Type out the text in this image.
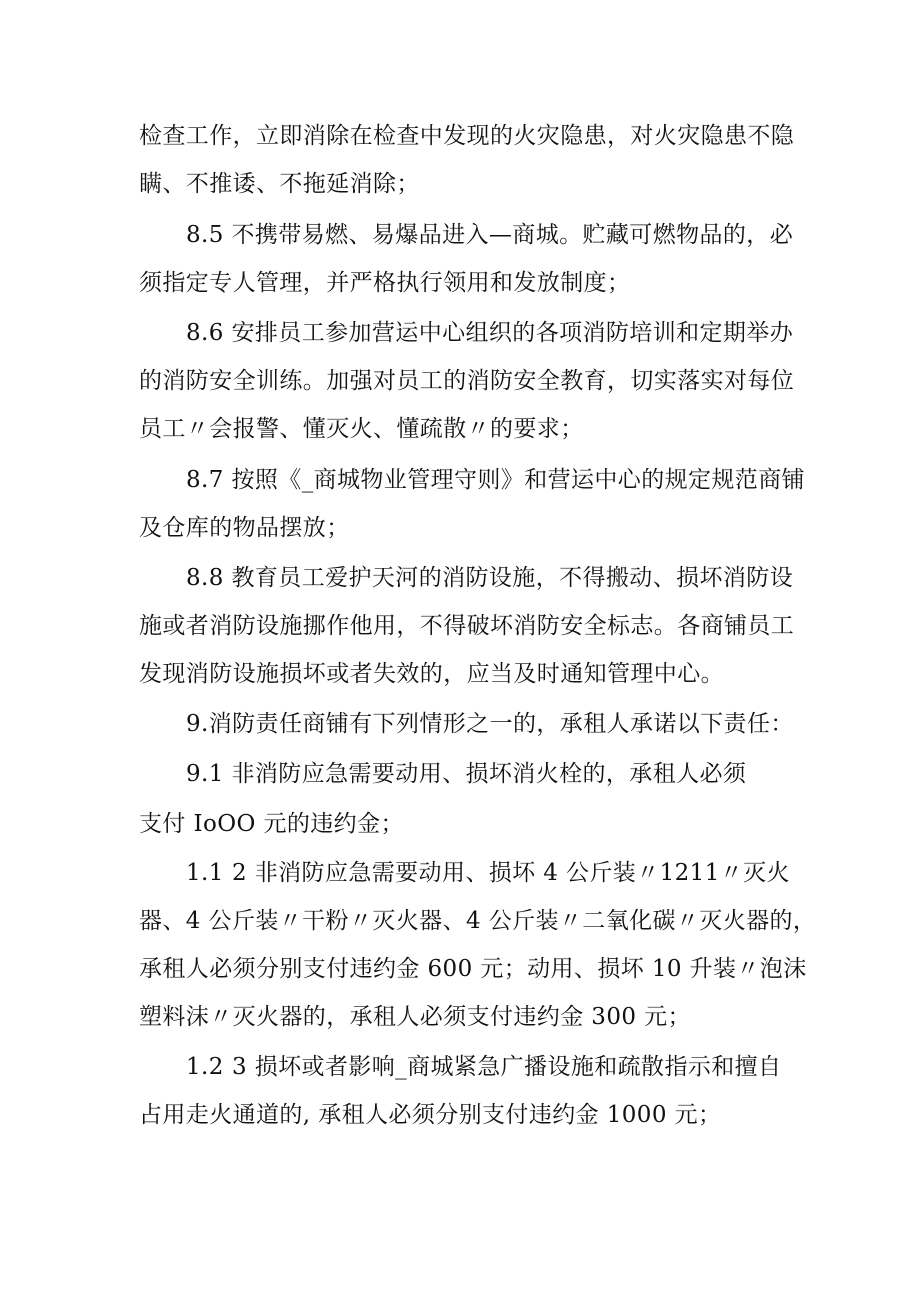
检查工作，立即消除在检查中发现的火灾隐患，对火灾隐患不隐
瞒、不推诿、不拖延消除；
8.5 不携带易燃、易爆品进入—商城。贮藏可燃物品的，必
须指定专人管理，并严格执行领用和发放制度；
8.6 安排员工参加营运中心组织的各项消防培训和定期举办
的消防安全训练。加强对员工的消防安全教育，切实落实对每位
员工〃会报警、懂灭火、懂疏散〃的要求；
8.7 按照《_商城物业管理守则》和营运中心的规定规范商铺
及仓库的物品摆放；
8.8 教育员工爱护天河的消防设施，不得搬动、损坏消防设
施或者消防设施挪作他用，不得破坏消防安全标志。各商铺员工
发现消防设施损坏或者失效的，应当及时通知管理中心。
9.消防责任商铺有下列情形之一的，承租人承诺以下责任：
9.1 非消防应急需要动用、损坏消火栓的，承租人必须
支付 IoOO 元的违约金；
1.1 2 非消防应急需要动用、损坏 4 公斤装〃1211〃灭火
器、4 公斤装〃干粉〃灭火器、4 公斤装〃二氧化碳〃灭火器的，
承租人必须分别支付违约金 600 元；动用、损坏 10 升装〃泡沫
塑料沫〃灭火器的，承租人必须支付违约金 300 元；
1.2 3 损坏或者影响_商城紧急广播设施和疏散指示和擅自
占用走火通道的, 承租人必须分别支付违约金 1000 元；
